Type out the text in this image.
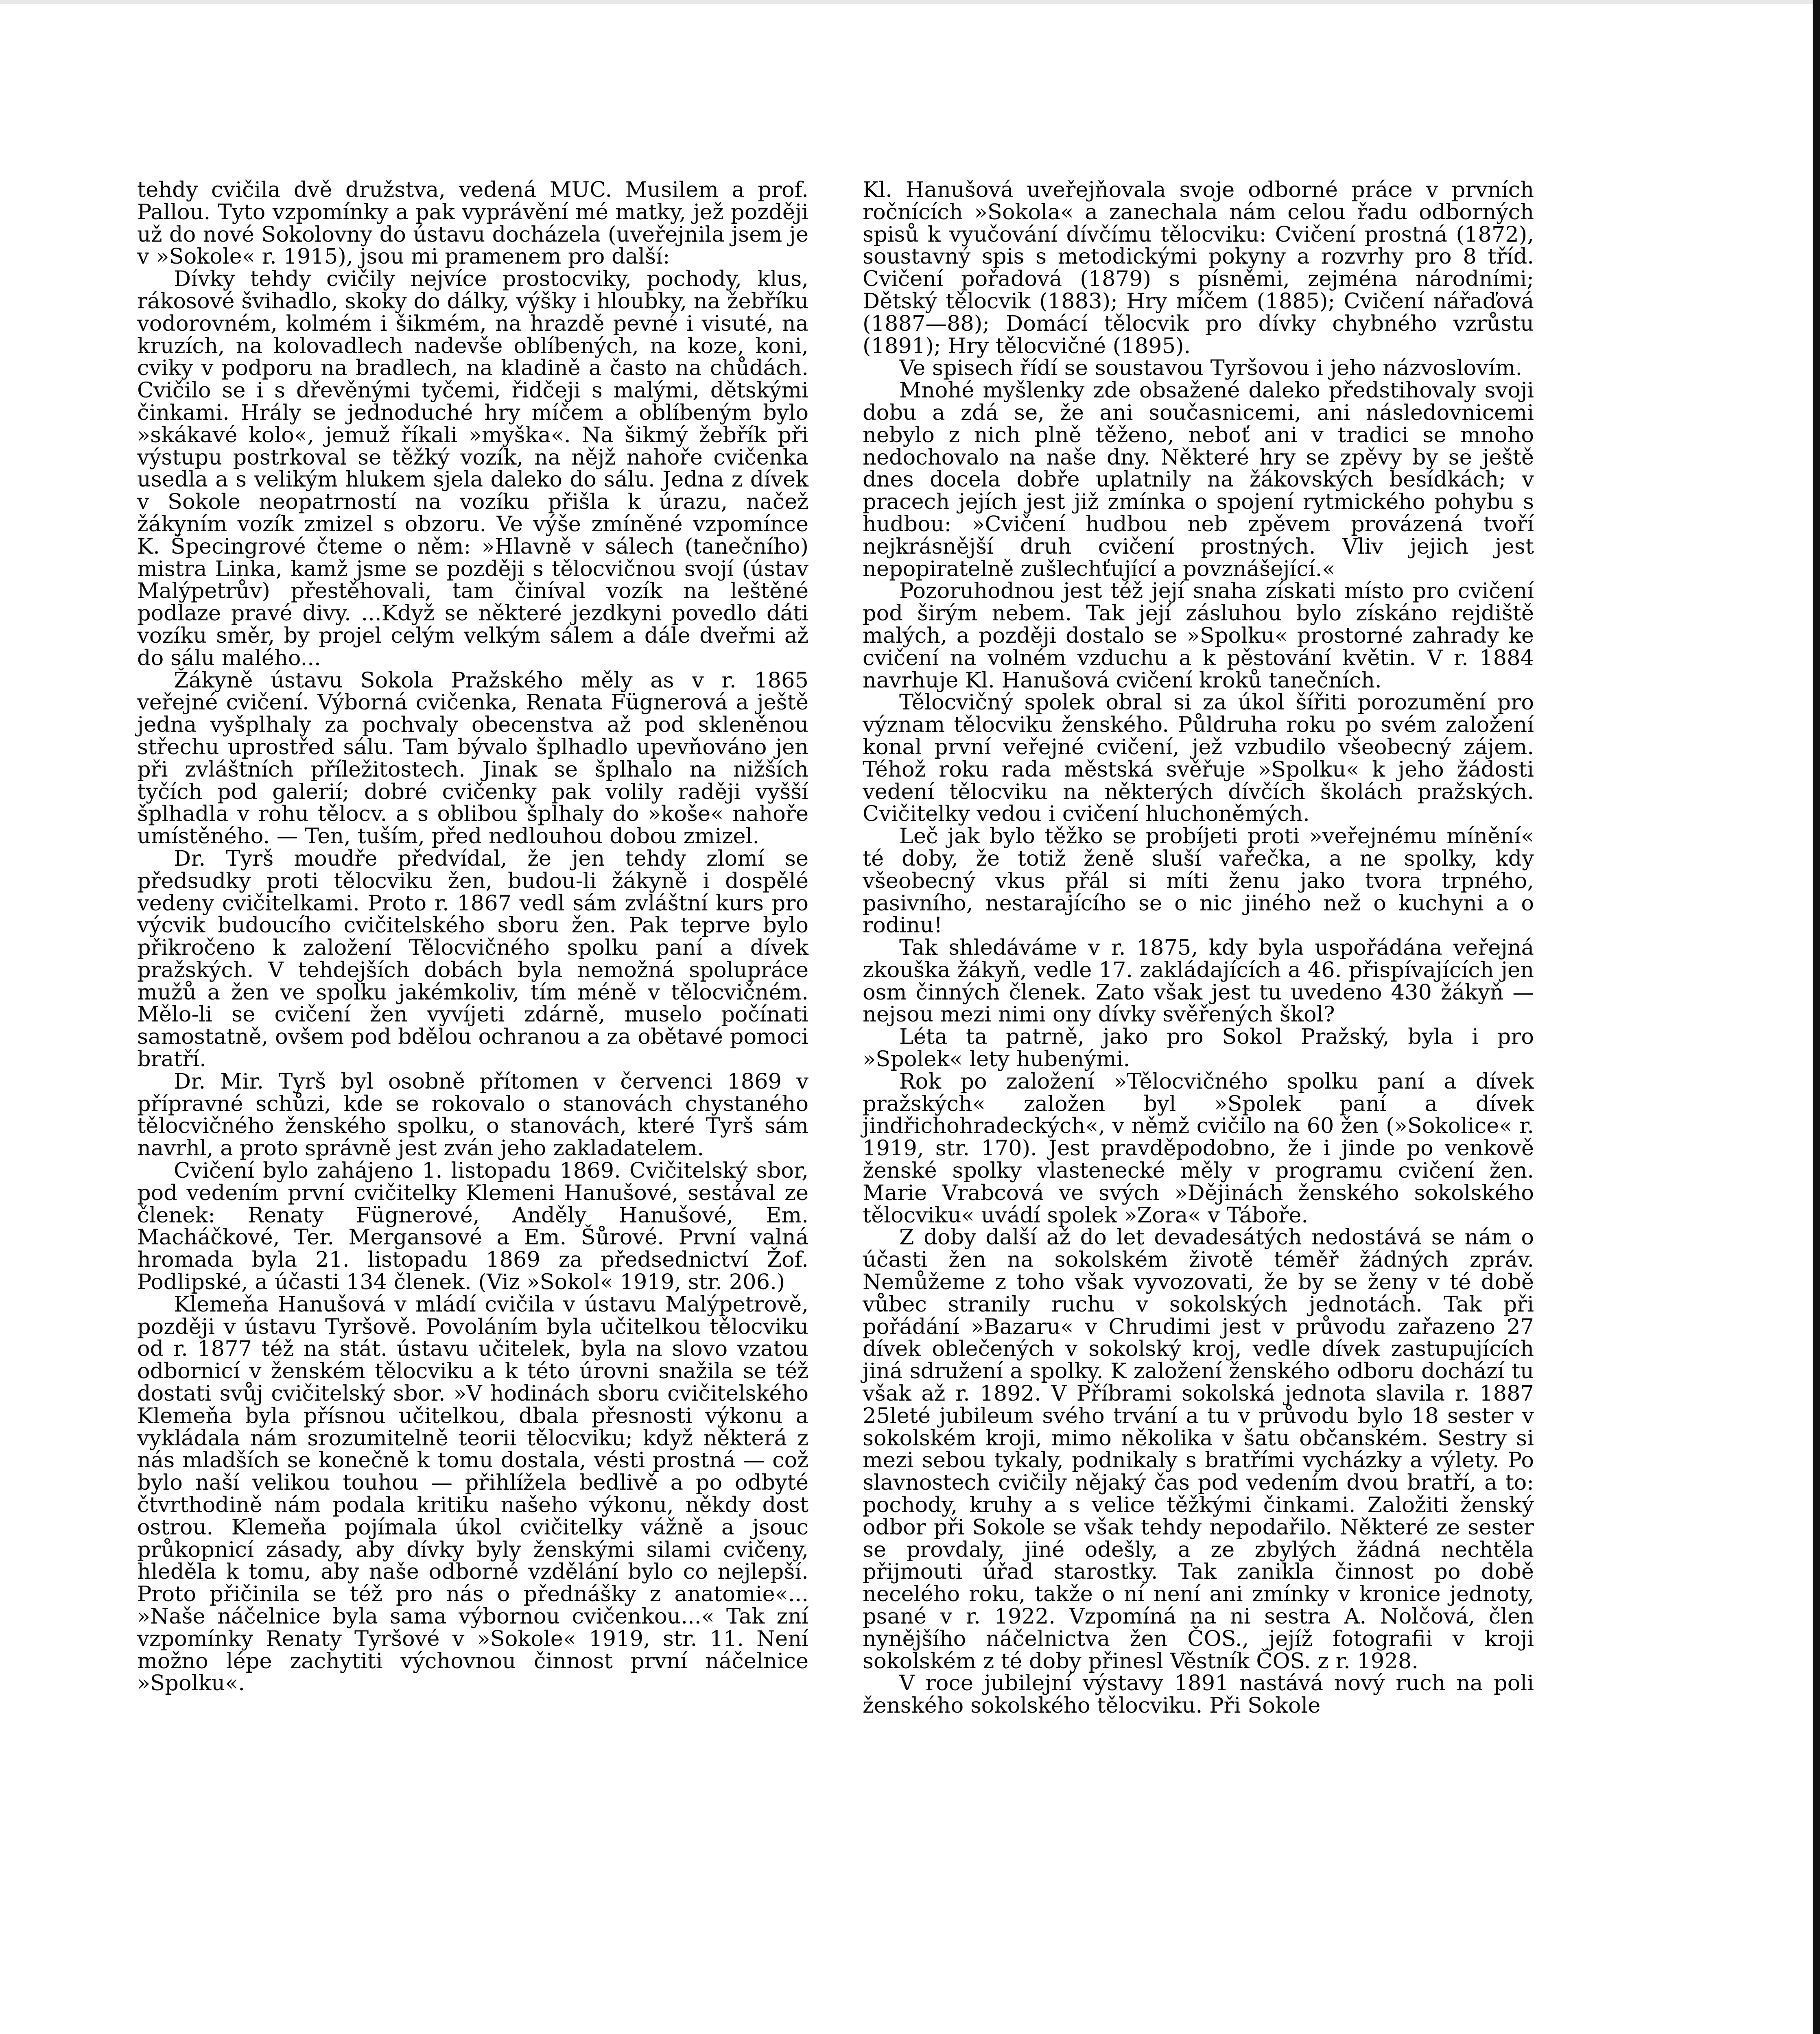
tehdy cvičila dvě družstva, vedená MUC. Musilem a prof. Pallou. Tyto vzpomínky a pak vyprávění mé matky, jež později už do nové Sokolovny do ústavu docházela (uveřejnila jsem je v »Sokole« r. 1915), jsou mi pramenem pro další:

Dívky tehdy cvičily nejvíce prostocviky, pochody, klus, rákosové švihadlo, skoky do dálky, výšky i hloubky, na žebříku vodorovném, kolmém i šikmém, na hrazdě pevné i visuté, na kruzích, na kolovadlech nadevše oblíbených, na koze, koni, cviky v podporu na bradlech, na kladině a často na chůdách. Cvičilo se i s dřevěnými tyčemi, řidčeji s malými, dětskými činkami. Hrály se jednoduché hry míčem a oblíbeným bylo »skákavé kolo«, jemuž říkali »myška«. Na šikmý žebřík při výstupu postrkoval se těžký vozík, na nějž nahoře cvičenka usedla a s velikým hlukem sjela daleko do sálu. Jedna z dívek v Sokole neopatrností na vozíku přišla k úrazu, načež žákyním vozík zmizel s obzoru. Ve výše zmíněné vzpomínce K. Špecingrové čteme o něm: »Hlavně v sálech (tanečního) mistra Linka, kamž jsme se později s tělocvičnou svojí (ústav Malýpetrův) přestěhovali, tam činíval vozík na leštěné podlaze pravé divy. ...Když se některé jezdkyni povedlo dáti vozíku směr, by projel celým velkým sálem a dále dveřmi až do sálu malého...

Žákyně ústavu Sokola Pražského měly as v r. 1865 veřejné cvičení. Výborná cvičenka, Renata Fügnerová a ještě jedna vyšplhaly za pochvaly obecenstva až pod skleněnou střechu uprostřed sálu. Tam bývalo šplhadlo upevňováno jen při zvláštních příležitostech. Jinak se šplhalo na nižších tyčích pod galerií; dobré cvičenky pak volily raději vyšší šplhadla v rohu tělocv. a s oblibou šplhaly do »koše« nahoře umístěného. — Ten, tuším, před nedlouhou dobou zmizel.

Dr. Tyrš moudře předvídal, že jen tehdy zlomí se předsudky proti tělocviku žen, budou-li žákyně i dospělé vedeny cvičitelkami. Proto r. 1867 vedl sám zvláštní kurs pro výcvik budoucího cvičitelského sboru žen. Pak teprve bylo přikročeno k založení Tělocvičného spolku paní a dívek pražských. V tehdejších dobách byla nemožná spolupráce mužů a žen ve spolku jakémkoliv, tím méně v tělocvičném. Mělo-li se cvičení žen vyvíjeti zdárně, muselo počínati samostatně, ovšem pod bdělou ochranou a za obětavé pomoci bratří.

Dr. Mir. Tyrš byl osobně přítomen v červenci 1869 v přípravné schůzi, kde se rokovalo o stanovách chystaného tělocvičného ženského spolku, o stanovách, které Tyrš sám navrhl, a proto správně jest zván jeho zakladatelem.

Cvičení bylo zahájeno 1. listopadu 1869. Cvičitelský sbor, pod vedením první cvičitelky Klemeni Hanušové, sestával ze členek: Renaty Fügnerové, Anděly Hanušové, Em. Macháčkové, Ter. Mergansové a Em. Šůrové. První valná hromada byla 21. listopadu 1869 za předsednictví Žof. Podlipské, a účasti 134 členek. (Viz »Sokol« 1919, str. 206.)

Klemeňa Hanušová v mládí cvičila v ústavu Malýpetrově, později v ústavu Tyršově. Povoláním byla učitelkou tělocviku od r. 1877 též na stát. ústavu učitelek, byla na slovo vzatou odbornicí v ženském tělocviku a k této úrovni snažila se též dostati svůj cvičitelský sbor. »V hodinách sboru cvičitelského Klemeňa byla přísnou učitelkou, dbala přesnosti výkonu a vykládala nám srozumitelně teorii tělocviku; když některá z nás mladších se konečně k tomu dostala, vésti prostná — což bylo naší velikou touhou — přihlížela bedlivě a po odbyté čtvrthodině nám podala kritiku našeho výkonu, někdy dost ostrou. Klemeňa pojímala úkol cvičitelky vážně a jsouc průkopnicí zásady, aby dívky byly ženskými silami cvičeny, hleděla k tomu, aby naše odborné vzdělání bylo co nejlepší. Proto přičinila se též pro nás o přednášky z anatomie«... »Naše náčelnice byla sama výbornou cvičenkou...« Tak zní vzpomínky Renaty Tyršové v »Sokole« 1919, str. 11. Není možno lépe zachytiti výchovnou činnost první náčelnice »Spolku«.

Kl. Hanušová uveřejňovala svoje odborné práce v prvních ročnících »Sokola« a zanechala nám celou řadu odborných spisů k vyučování dívčímu tělocviku: Cvičení prostná (1872), soustavný spis s metodickými pokyny a rozvrhy pro 8 tříd. Cvičení pořadová (1879) s písněmi, zejména národními; Dětský tělocvik (1883); Hry míčem (1885); Cvičení nářaďová (1887—88); Domácí tělocvik pro dívky chybného vzrůstu (1891); Hry tělocvičné (1895).

Ve spisech řídí se soustavou Tyršovou i jeho názvoslovím.

Mnohé myšlenky zde obsažené daleko předstihovaly svoji dobu a zdá se, že ani současnicemi, ani následovnicemi nebylo z nich plně těženo, neboť ani v tradici se mnoho nedochovalo na naše dny. Některé hry se zpěvy by se ještě dnes docela dobře uplatnily na žákovských besídkách; v pracech jejích jest již zmínka o spojení rytmického pohybu s hudbou: »Cvičení hudbou neb zpěvem provázená tvoří nejkrásnější druh cvičení prostných. Vliv jejich jest nepopiratelně zušlechťující a povznášející.«

Pozoruhodnou jest též její snaha získati místo pro cvičení pod širým nebem. Tak její zásluhou bylo získáno rejdiště malých, a později dostalo se »Spolku« prostorné zahrady ke cvičení na volném vzduchu a k pěstování květin. V r. 1884 navrhuje Kl. Hanušová cvičení kroků tanečních.

Tělocvičný spolek obral si za úkol šířiti porozumění pro význam tělocviku ženského. Půldruha roku po svém založení konal první veřejné cvičení, jež vzbudilo všeobecný zájem. Téhož roku rada městská svěřuje »Spolku« k jeho žádosti vedení tělocviku na některých dívčích školách pražských. Cvičitelky vedou i cvičení hluchoněmých.

Leč jak bylo těžko se probíjeti proti »veřejnému mínění« té doby, že totiž ženě sluší vařečka, a ne spolky, kdy všeobecný vkus přál si míti ženu jako tvora trpného, pasivního, nestarajícího se o nic jiného než o kuchyni a o rodinu!

Tak shledáváme v r. 1875, kdy byla uspořádána veřejná zkouška žákyň, vedle 17. zakládajících a 46. přispívajících jen osm činných členek. Zato však jest tu uvedeno 430 žákyň — nejsou mezi nimi ony dívky svěřených škol?

Léta ta patrně, jako pro Sokol Pražský, byla i pro »Spolek« lety hubenými.

Rok po založení »Tělocvičného spolku paní a dívek pražských« založen byl »Spolek paní a dívek jindřichohradeckých«, v němž cvičilo na 60 žen (»Sokolice« r. 1919, str. 170). Jest pravděpodobno, že i jinde po venkově ženské spolky vlastenecké měly v programu cvičení žen. Marie Vrabcová ve svých »Dějinách ženského sokolského tělocviku« uvádí spolek »Zora« v Táboře.

Z doby další až do let devadesátých nedostává se nám o účasti žen na sokolském životě téměř žádných zpráv. Nemůžeme z toho však vyvozovati, že by se ženy v té době vůbec stranily ruchu v sokolských jednotách. Tak při pořádání »Bazaru« v Chrudimi jest v průvodu zařazeno 27 dívek oblečených v sokolský kroj, vedle dívek zastupujících jiná sdružení a spolky. K založení ženského odboru dochází tu však až r. 1892. V Příbrami sokolská jednota slavila r. 1887 25leté jubileum svého trvání a tu v průvodu bylo 18 sester v sokolském kroji, mimo několika v šatu občanském. Sestry si mezi sebou tykaly, podnikaly s bratřími vycházky a výlety. Po slavnostech cvičily nějaký čas pod vedením dvou bratří, a to: pochody, kruhy a s velice těžkými činkami. Založiti ženský odbor při Sokole se však tehdy nepodařilo. Některé ze sester se provdaly, jiné odešly, a ze zbylých žádná nechtěla přijmouti úřad starostky. Tak zanikla činnost po době necelého roku, takže o ní není ani zmínky v kronice jednoty, psané v r. 1922. Vzpomíná na ni sestra A. Nolčová, člen nynějšího náčelnictva žen ČOS., jejíž fotografii v kroji sokolském z té doby přinesl Věstník ČOS. z r. 1928.

V roce jubilejní výstavy 1891 nastává nový ruch na poli ženského sokolského tělocviku. Při Sokole
